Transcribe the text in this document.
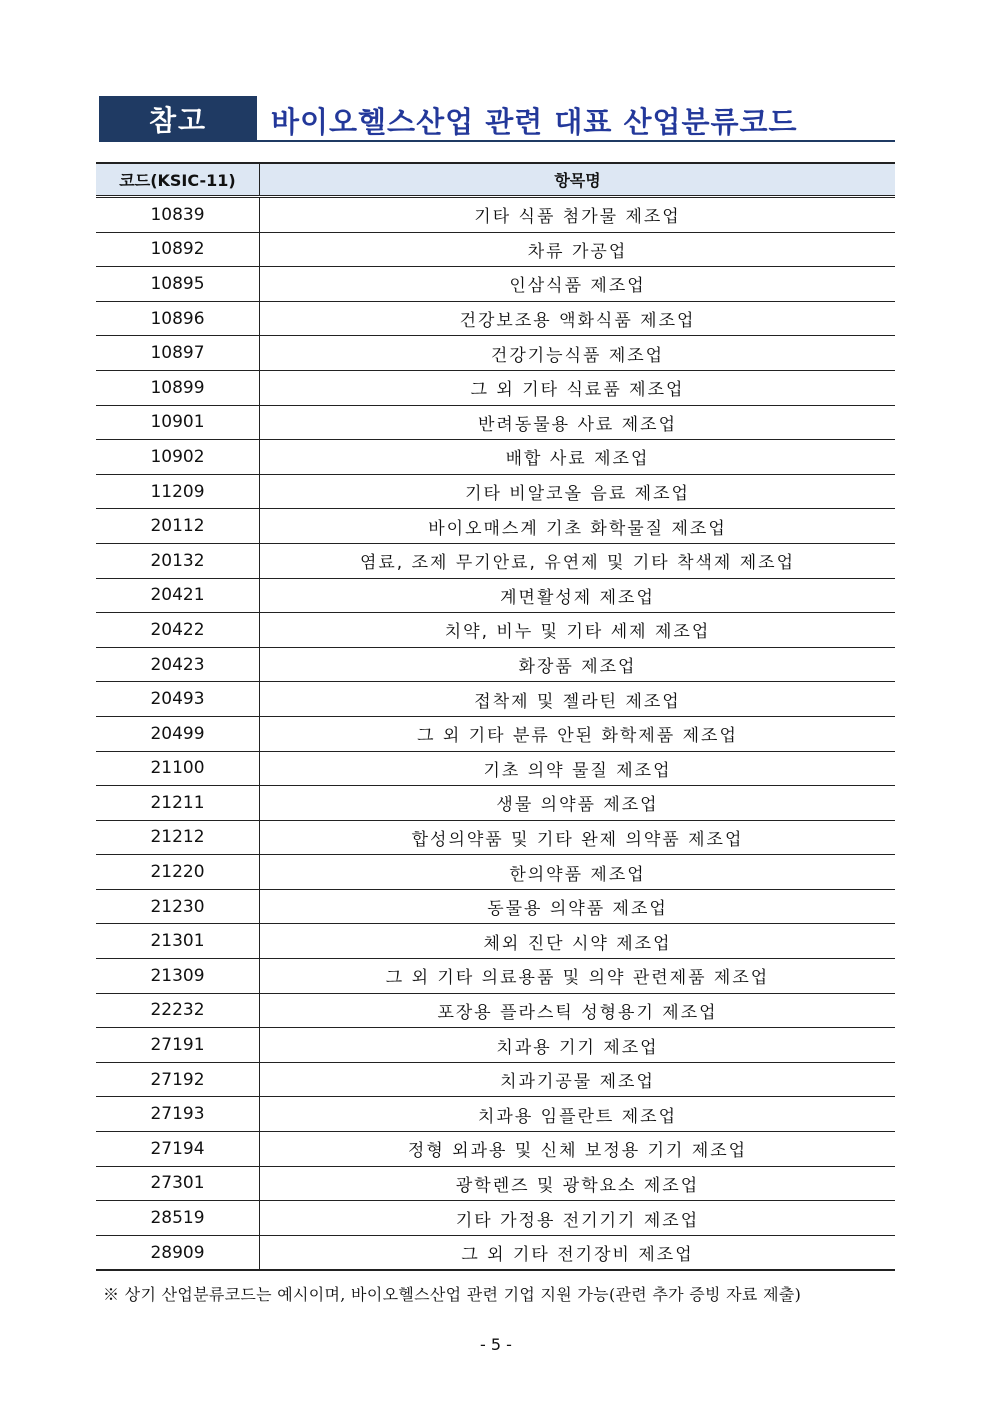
참고	바이오헬스산업 관련 대표 산업분류코드
코드(KSIC-11)	항목명
10839	기타 식품 첨가물 제조업
10892	차류 가공업
10895	인삼식품 제조업
10896	건강보조용 액화식품 제조업
10897	건강기능식품 제조업
10899	그 외 기타 식료품 제조업
10901	반려동물용 사료 제조업
10902	배합 사료 제조업
11209	기타 비알코올 음료 제조업
20112	바이오매스계 기초 화학물질 제조업
20132	염료, 조제 무기안료, 유연제 및 기타 착색제 제조업
20421	계면활성제 제조업
20422	치약, 비누 및 기타 세제 제조업
20423	화장품 제조업
20493	접착제 및 젤라틴 제조업
20499	그 외 기타 분류 안된 화학제품 제조업
21100	기초 의약 물질 제조업
21211	생물 의약품 제조업
21212	합성의약품 및 기타 완제 의약품 제조업
21220	한의약품 제조업
21230	동물용 의약품 제조업
21301	체외 진단 시약 제조업
21309	그 외 기타 의료용품 및 의약 관련제품 제조업
22232	포장용 플라스틱 성형용기 제조업
27191	치과용 기기 제조업
27192	치과기공물 제조업
27193	치과용 임플란트 제조업
27194	정형 외과용 및 신체 보정용 기기 제조업
27301	광학렌즈 및 광학요소 제조업
28519	기타 가정용 전기기기 제조업
28909	그 외 기타 전기장비 제조업
※ 상기 산업분류코드는 예시이며, 바이오헬스산업 관련 기업 지원 가능(관련 추가 증빙 자료 제출)
- 5 -
